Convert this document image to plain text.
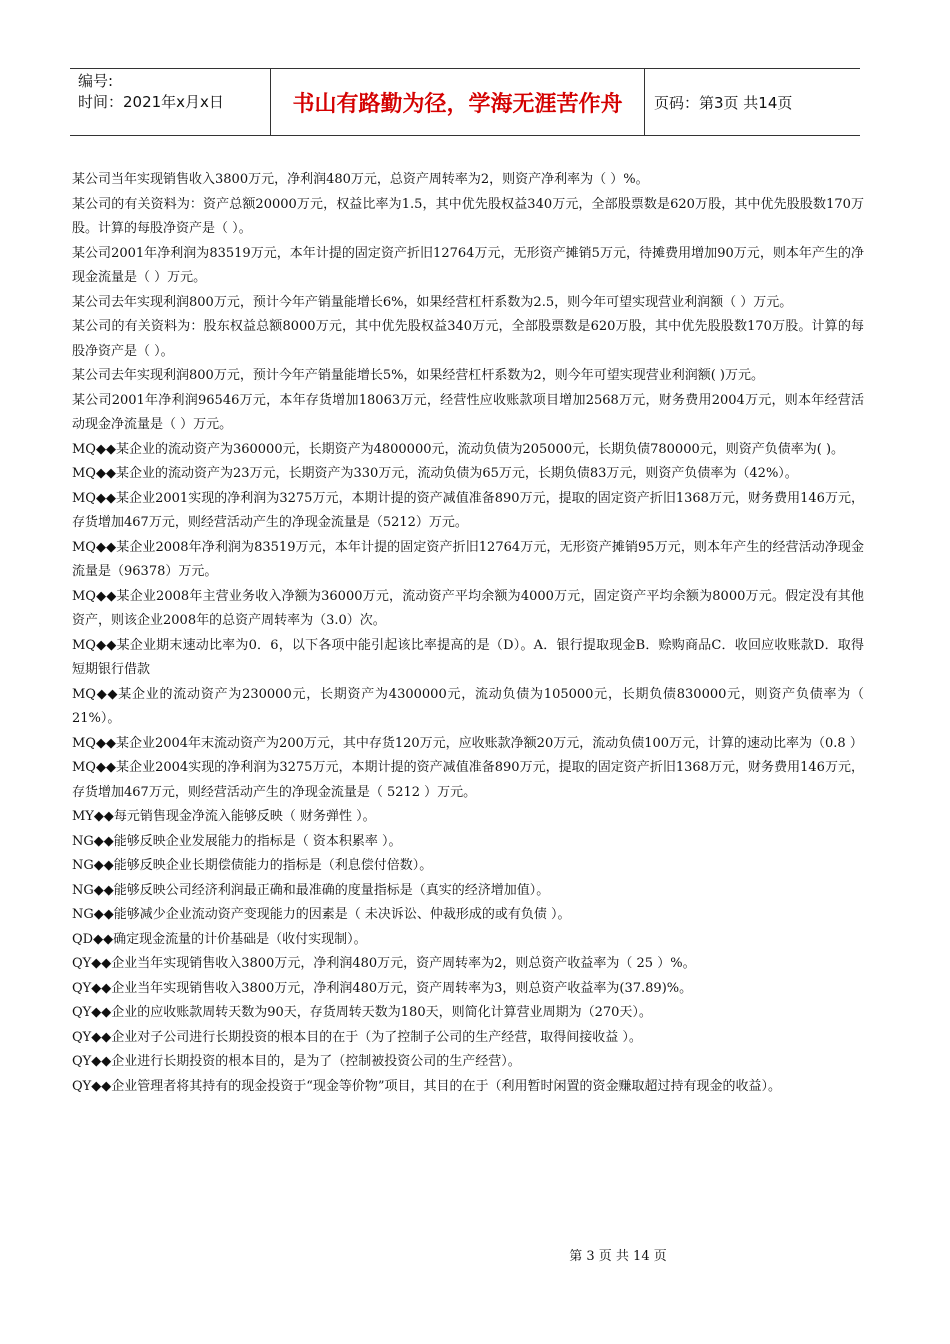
编号:
时间：2021年x月x日	书山有路勤为径，学海无涯苦作舟	页码：第3页 共14页

某公司当年实现销售收入3800万元，净利润480万元，总资产周转率为2，则资产净利率为（ ）%。

某公司的有关资料为：资产总额20000万元，权益比率为1.5，其中优先股权益340万元，全部股票数是620万股，其中优先股股数170万股。计算的每股净资产是（ ）。

某公司2001年净利润为83519万元，本年计提的固定资产折旧12764万元，无形资产摊销5万元，待摊费用增加90万元，则本年产生的净现金流量是（ ）万元。

某公司去年实现利润800万元，预计今年产销量能增长6%，如果经营杠杆系数为2.5，则今年可望实现营业利润额（ ）万元。

某公司的有关资料为：股东权益总额8000万元，其中优先股权益340万元，全部股票数是620万股，其中优先股股数170万股。计算的每股净资产是（ ）。

某公司去年实现利润800万元，预计今年产销量能增长5%，如果经营杠杆系数为2，则今年可望实现营业利润额( )万元。

某公司2001年净利润96546万元，本年存货增加18063万元，经营性应收账款项目增加2568万元，财务费用2004万元，则本年经营活动现金净流量是（ ）万元。

MQ◆◆某企业的流动资产为360000元，长期资产为4800000元，流动负债为205000元，长期负债780000元，则资产负债率为( )。

MQ◆◆某企业的流动资产为23万元，长期资产为330万元，流动负债为65万元，长期负债83万元，则资产负债率为（42%）。

MQ◆◆某企业2001实现的净利润为3275万元，本期计提的资产减值准备890万元，提取的固定资产折旧1368万元，财务费用146万元，存货增加467万元，则经营活动产生的净现金流量是（5212）万元。

MQ◆◆某企业2008年净利润为83519万元，本年计提的固定资产折旧12764万元，无形资产摊销95万元，则本年产生的经营活动净现金流量是（96378）万元。

MQ◆◆某企业2008年主营业务收入净额为36000万元，流动资产平均余额为4000万元，固定资产平均余额为8000万元。假定没有其他资产，则该企业2008年的总资产周转率为（3.0）次。

MQ◆◆某企业期末速动比率为0．6，以下各项中能引起该比率提高的是（D）。A．银行提取现金B．赊购商品C．收回应收账款D．取得短期银行借款

MQ◆◆某企业的流动资产为230000元，长期资产为4300000元，流动负债为105000元，长期负债830000元，则资产负债率为（ 21%）。

MQ◆◆某企业2004年末流动资产为200万元，其中存货120万元，应收账款净额20万元，流动负债100万元，计算的速动比率为（0.8 ）

MQ◆◆某企业2004实现的净利润为3275万元，本期计提的资产减值准备890万元，提取的固定资产折旧1368万元，财务费用146万元，存货增加467万元，则经营活动产生的净现金流量是（ 5212 ）万元。

MY◆◆每元销售现金净流入能够反映（ 财务弹性 ）。

NG◆◆能够反映企业发展能力的指标是（ 资本积累率 ）。

NG◆◆能够反映企业长期偿债能力的指标是（利息偿付倍数）。

NG◆◆能够反映公司经济利润最正确和最准确的度量指标是（真实的经济增加值）。

NG◆◆能够减少企业流动资产变现能力的因素是（ 未决诉讼、仲裁形成的或有负债 ）。

QD◆◆确定现金流量的计价基础是（收付实现制）。

QY◆◆企业当年实现销售收入3800万元，净利润480万元，资产周转率为2，则总资产收益率为（ 25 ）%。

QY◆◆企业当年实现销售收入3800万元，净利润480万元，资产周转率为3，则总资产收益率为(37.89)%。

QY◆◆企业的应收账款周转天数为90天，存货周转天数为180天，则简化计算营业周期为（270天）。

QY◆◆企业对子公司进行长期投资的根本目的在于（为了控制子公司的生产经营，取得间接收益 ）。

QY◆◆企业进行长期投资的根本目的，是为了（控制被投资公司的生产经营）。

QY◆◆企业管理者将其持有的现金投资于“现金等价物”项目，其目的在于（利用暂时闲置的资金赚取超过持有现金的收益）。

第 3 页 共 14 页
